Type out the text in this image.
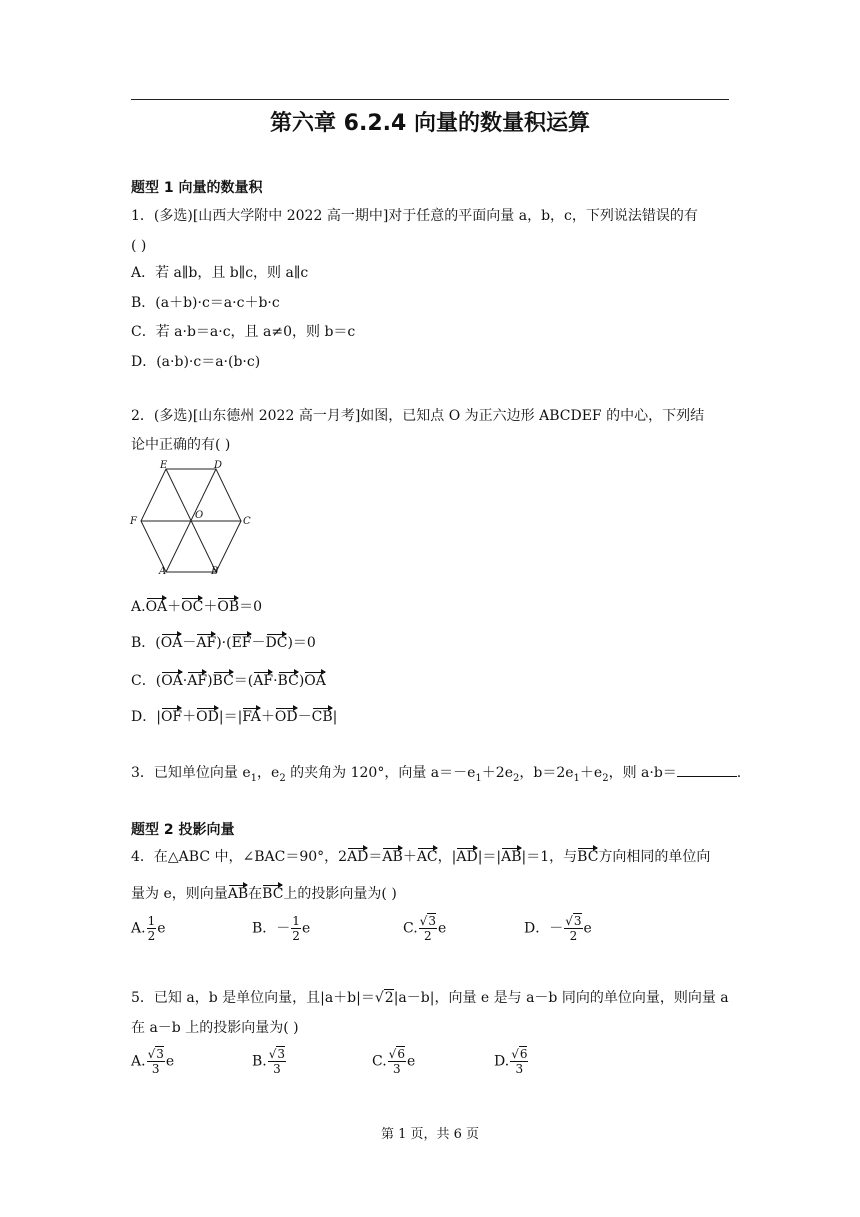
第六章 6.2.4 向量的数量积运算
题型 1 向量的数量积
1．(多选)[山西大学附中 2022 高一期中]对于任意的平面向量 a，b，c，下列说法错误的有
( )
A．若 a∥b，且 b∥c，则 a∥c
B．(a＋b)·c＝a·c＋b·c
C．若 a·b＝a·c，且 a≠0，则 b＝c
D．(a·b)·c＝a·(b·c)
2．(多选)[山东德州 2022 高一月考]如图，已知点 O 为正六边形 ABCDEF 的中心，下列结
论中正确的有( )
E	D
F
O
C
A	B
A.OA＋OC＋OB＝0
B．(OA－AF)·(EF－DC)＝0
C．(OA·AF)BC＝(AF·BC)OA
D．|OF＋OD|＝|FA＋OD－CB|
3．已知单位向量 $e_1$，$e_2$ 的夹角为 120°，向量 $a=-e_1+2e_2$，$b=2e_1+e_2$，则 a·b＝	.
题型 2 投影向量
4．在△ABC 中，∠BAC＝90°，2AD＝AB＋AC，|AD|＝|AB|＝1，与BC方向相同的单位向
量为 e，则向量AB在BC上的投影向量为( )
A. $\frac{1}{2}$ e	B．－ $\frac{1}{2}$ e	C. $\frac{√3}{2}$ e	D．－ $\frac{√3}{2}$ e
5．已知 a，b 是单位向量，且|a＋b|＝√2|a－b|，向量 e 是与 a－b 同向的单位向量，则向量 a
在 a－b 上的投影向量为( )
A. $\frac{√3}{3}$ e	B. $\frac{√3}{3}$	C. $\frac{√6}{3}$ e	D. $\frac{√6}{3}$
第 1 页，共 6 页
